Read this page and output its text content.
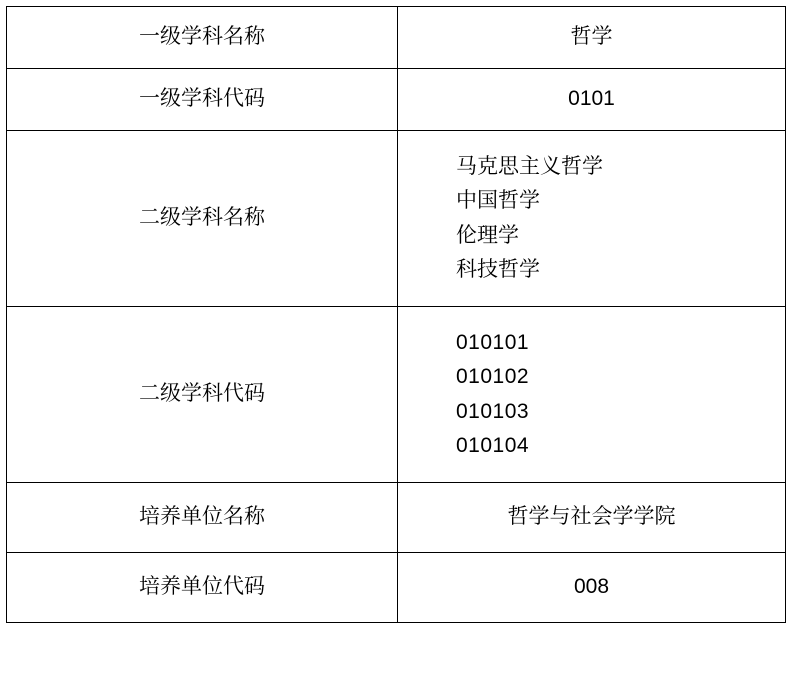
一级学科名称	哲学
一级学科代码	0101
二级学科名称	马克思主义哲学
中国哲学
伦理学
科技哲学

二级学科代码	010101
010102
010103
010104

培养单位名称	哲学与社会学学院
培养单位代码	008
